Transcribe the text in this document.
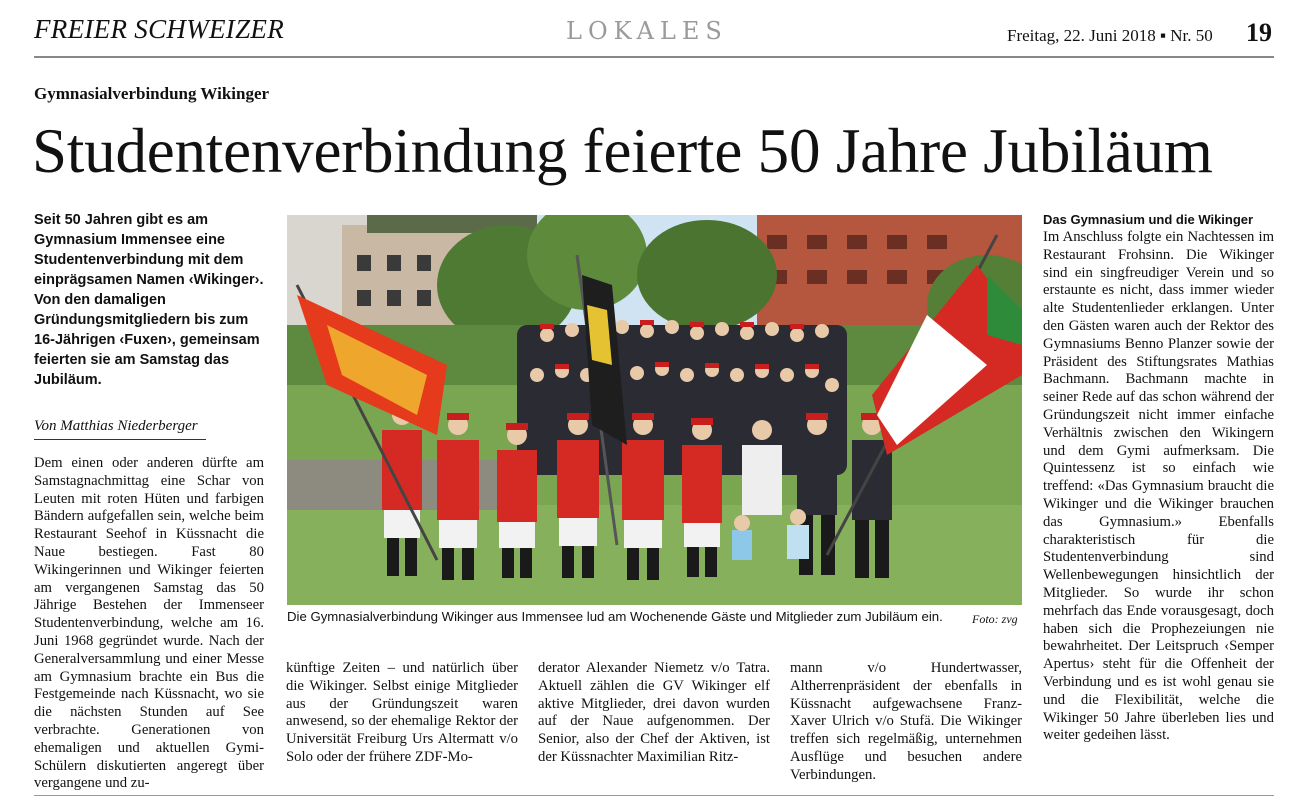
FREIER SCHWEIZER	LOKALES	Freitag, 22. Juni 2018 ▪ Nr. 50 19
Gymnasialverbindung Wikinger
Studentenverbindung feierte 50 Jahre Jubiläum
Seit 50 Jahren gibt es am Gymnasium Immensee eine Studentenverbindung mit dem einprägsamen Namen ‹Wikinger›. Von den damaligen Gründungsmitgliedern bis zum 16-Jährigen ‹Fuxen›, gemeinsam feierten sie am Samstag das Jubiläum.
Von Matthias Niederberger
Dem einen oder anderen dürfte am Samstagnachmittag eine Schar von Leuten mit roten Hüten und farbigen Bändern aufgefallen sein, welche beim Restaurant Seehof in Küssnacht die Naue bestiegen. Fast 80 Wikingerinnen und Wikinger feierten am vergangenen Samstag das 50 Jährige Bestehen der Immenseer Studentenverbindung, welche am 16. Juni 1968 gegründet wurde. Nach der Generalversammlung und einer Messe am Gymnasium brachte ein Bus die Festgemeinde nach Küssnacht, wo sie die nächsten Stunden auf See verbrachte. Generationen von ehemaligen und aktuellen Gymi-Schülern diskutierten angeregt über vergangene und zu-
künftige Zeiten – und natürlich über die Wikinger. Selbst einige Mitglieder aus der Gründungszeit waren anwesend, so der ehemalige Rektor der Universität Freiburg Urs Altermatt v/o Solo oder der frühere ZDF-Mo-
derator Alexander Niemetz v/o Tatra. Aktuell zählen die GV Wikinger elf aktive Mitglieder, drei davon wurden auf der Naue aufgenommen. Der Senior, also der Chef der Aktiven, ist der Küssnachter Maximilian Ritz-
mann v/o Hundertwasser, Altherrenpräsident der ebenfalls in Küssnacht aufgewachsene Franz-Xaver Ulrich v/o Stufä. Die Wikinger treffen sich regelmäßig, unternehmen Ausflüge und besuchen andere Verbindungen.
Das Gymnasium und die Wikinger
Im Anschluss folgte ein Nachtessen im Restaurant Frohsinn. Die Wikinger sind ein singfreudiger Verein und so erstaunte es nicht, dass immer wieder alte Studentenlieder erklangen. Unter den Gästen waren auch der Rektor des Gymnasiums Benno Planzer sowie der Präsident des Stiftungsrates Mathias Bachmann. Bachmann machte in seiner Rede auf das schon während der Gründungszeit nicht immer einfache Verhältnis zwischen den Wikingern und dem Gymi aufmerksam. Die Quintessenz ist so einfach wie treffend: «Das Gymnasium braucht die Wikinger und die Wikinger brauchen das Gymnasium.» Ebenfalls charakteristisch für die Studentenverbindung sind Wellenbewegungen hinsichtlich der Mitglieder. So wurde ihr schon mehrfach das Ende vorausgesagt, doch haben sich die Prophezeiungen nie bewahrheitet. Der Leitspruch ‹Semper Apertus› steht für die Offenheit der Verbindung und es ist wohl genau sie und die Flexibilität, welche die Wikinger 50 Jahre überleben lies und weiter gedeihen lässt.
Die Gymnasialverbindung Wikinger aus Immensee lud am Wochenende Gäste und Mitglieder zum Jubiläum ein. Foto: zvg
